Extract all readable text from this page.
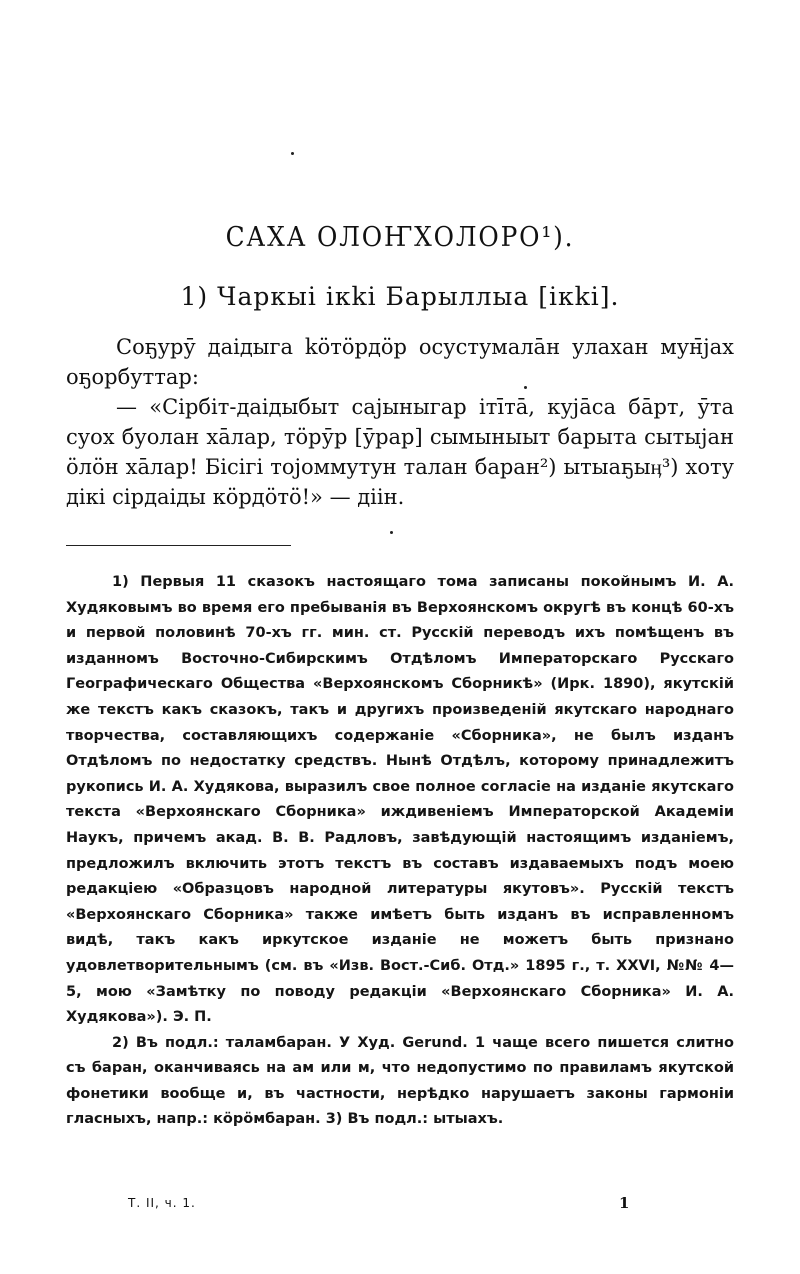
САХА ОЛОҤХОЛОРО¹).
1) Чаркыі ікkі Барыллыа [ікkі].

Соҕурӯ даідыга kӧтӧрдӧр осустумалāн улахан мун̄jах оҕорбуттар:

— «Сірбіт-даідыбыт саjыныгар ітīтā, куjāса бāрт, ӯта суох буолан хāлар, тӧрӯр [ӯрар] сымыныыт барыта сытыjан ӧлӧн хāлар! Бісігі тоjоммутун талан баран²) ытыаҕыӊ³) хоту дікі сірдаіды кӧрдӧтӧ!» — діін.

1) Первыя 11 сказокъ настоящаго тома записаны покойнымъ И. А. Худяковымъ во время его пребыванія въ Верхоянскомъ округѣ въ концѣ 60-хъ и первой половинѣ 70-хъ гг. мин. ст. Русскій переводъ ихъ помѣщенъ въ изданномъ Восточно-Сибирскимъ Отдѣломъ Императорскаго Русскаго Географическаго Общества «Верхоянскомъ Сборникѣ» (Ирк. 1890), якутскій же текстъ какъ сказокъ, такъ и другихъ произведеній якутскаго народнаго творчества, составляющихъ содержаніе «Сборника», не былъ изданъ Отдѣломъ по недостатку средствъ. Нынѣ Отдѣлъ, которому принадлежитъ рукопись И. А. Худякова, выразилъ свое полное согласіе на изданіе якутскаго текста «Верхоянскаго Сборника» иждивеніемъ Императорской Академіи Наукъ, причемъ акад. В. В. Радловъ, завѣдующій настоящимъ изданіемъ, предложилъ включить этотъ текстъ въ составъ издаваемыхъ подъ моею редакціею «Образцовъ народной литературы якутовъ». Русскій текстъ «Верхоянскаго Сборника» также имѣетъ быть изданъ въ исправленномъ видѣ, такъ какъ иркутское изданіе не можетъ быть признано удовлетворительнымъ (см. въ «Изв. Вост.-Сиб. Отд.» 1895 г., т. XXVI, №№ 4—5, мою «Замѣтку по поводу редакціи «Верхоянскаго Сборника» И. А. Худякова»). Э. П.

2) Въ подл.: таламбаран. У Худ. Gerund. 1 чаще всего пишется слитно съ баран, оканчиваясь на ам или м, что недопустимо по правиламъ якутской фонетики вообще и, въ частности, нерѣдко нарушаетъ законы гармоніи гласныхъ, напр.: кӧрӧмбаран. 3) Въ подл.: ытыахъ.

Т. II, ч. 1.	1
